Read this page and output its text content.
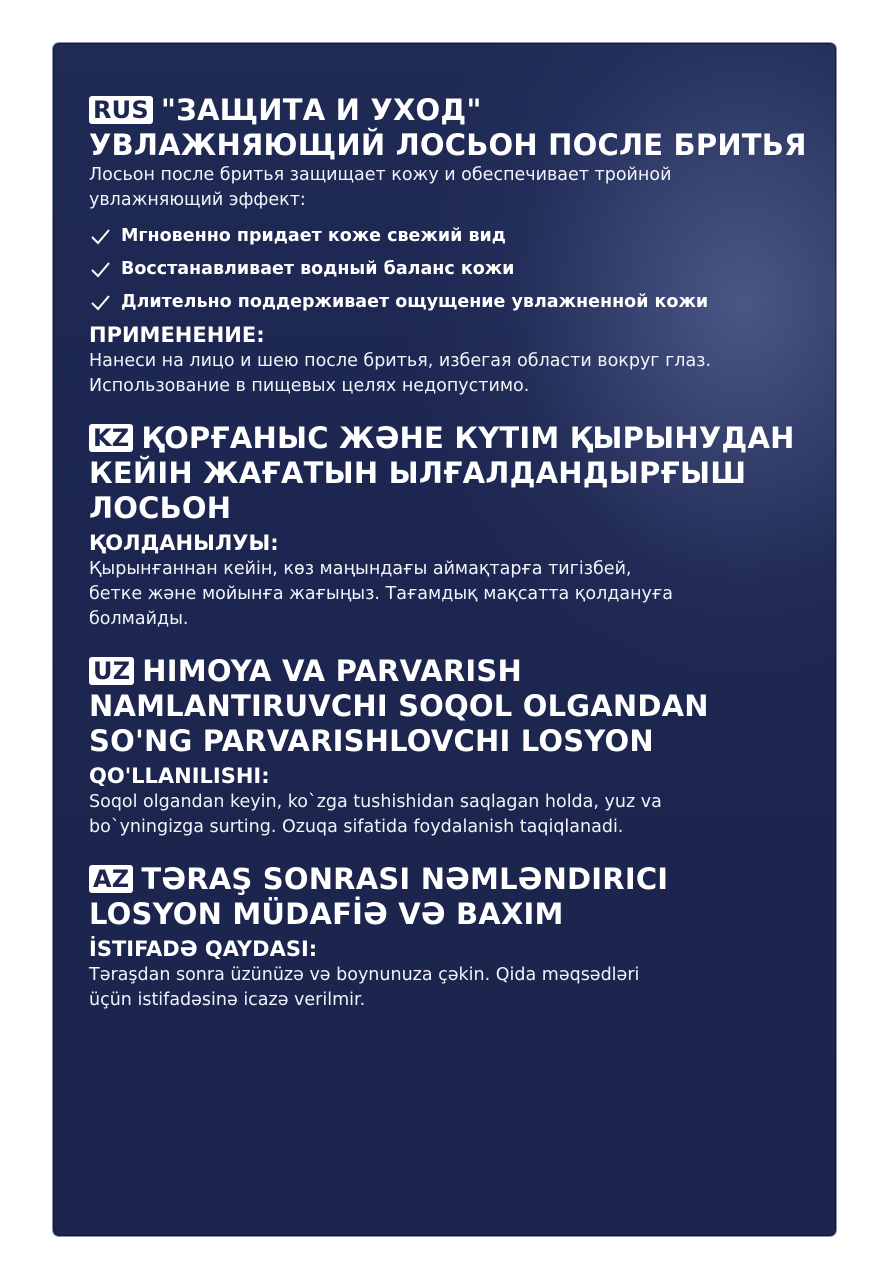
RUS "ЗАЩИТА И УХОД"
УВЛАЖНЯЮЩИЙ ЛОСЬОН ПОСЛЕ БРИТЬЯ

Лосьон после бритья защищает кожу и обеспечивает тройной

увлажняющий эффект:

Мгновенно придает коже свежий вид
Восстанавливает водный баланс кожи
Длительно поддерживает ощущение увлажненной кожи
ПРИМЕНЕНИЕ:

Нанеси на лицо и шею после бритья, избегая области вокруг глаз.

Использование в пищевых целях недопустимо.

KZ ҚОРҒАНЫС ЖӘНЕ КҮТІМ ҚЫРЫНУДАН
КЕЙІН ЖАҒАТЫН ЫЛҒАЛДАНДЫРҒЫШ
ЛОСЬОН
ҚОЛДАНЫЛУЫ:

Қырынғаннан кейін, көз маңындағы аймақтарға тигізбей,

бетке және мойынға жағыңыз. Тағамдық мақсатта қолдануға

болмайды.

UZ HIMOYA VA PARVARISH
NAMLANTIRUVCHI SOQOL OLGANDAN
SO'NG PARVARISHLOVCHI LOSYON
QO'LLANILISHI:

Soqol olgandan keyin, ko`zga tushishidan saqlagan holda, yuz va

bo`yningizga surting. Ozuqa sifatida foydalanish taqiqlanadi.

AZ TƏRAŞ SONRASI NƏMLƏNDIRICI
LOSYON MÜDAFİƏ VƏ BAXIM
İSTIFADƏ QAYDASI:

Təraşdan sonra üzünüzə və boynunuza çəkin. Qida məqsədləri

üçün istifadəsinə icazə verilmir.
